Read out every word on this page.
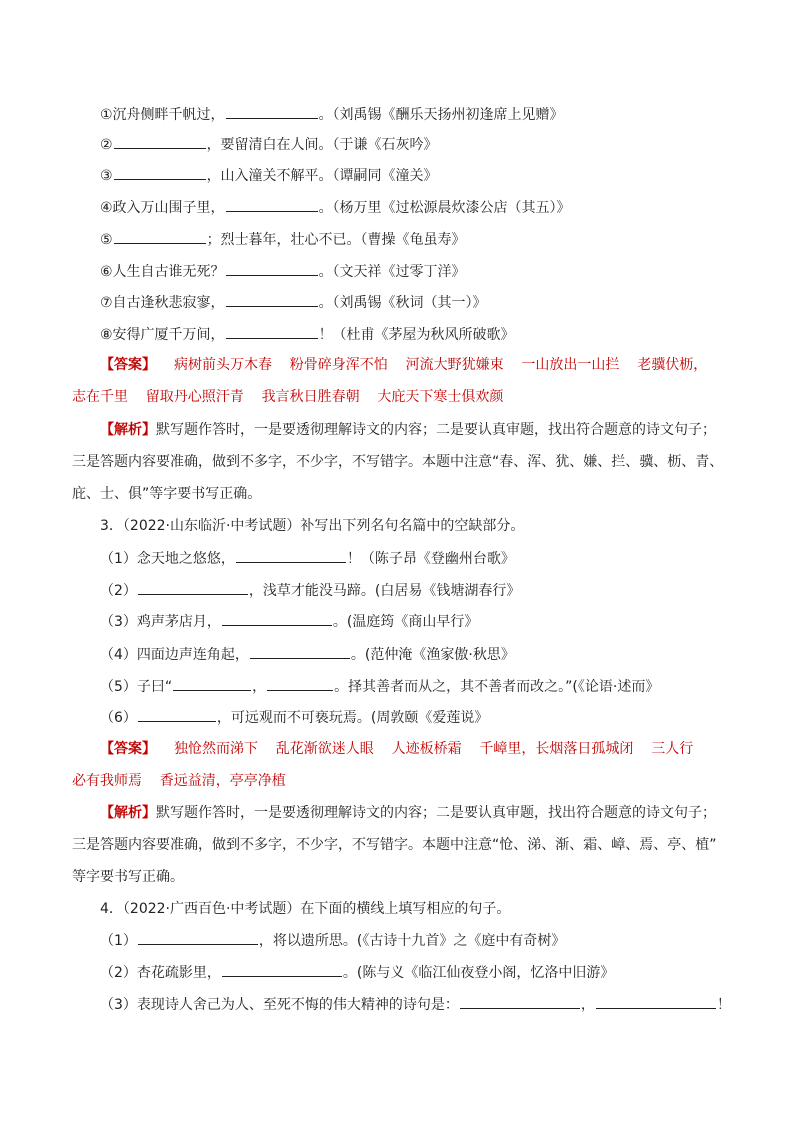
①沉舟侧畔千帆过，	。（刘禹锡《酬乐天扬州初逢席上见赠》
②	，要留清白在人间。（于谦《石灰吟》
③	，山入潼关不解平。（谭嗣同《潼关》
④政入万山围子里，	。（杨万里《过松源晨炊漆公店（其五）》
⑤	；烈士暮年，壮心不已。（曹操《龟虽寿》
⑥人生自古谁无死？	。（文天祥《过零丁洋》
⑦自古逢秋悲寂寥，	。（刘禹锡《秋词（其一）》
⑧安得广厦千万间，	！（杜甫《茅屋为秋风所破歌》
【答案】 病树前头万木春    粉骨碎身浑不怕    河流大野犹嫌束    一山放出一山拦    老骥伏枥，
志在千里    留取丹心照汗青    我言秋日胜春朝    大庇天下寒士俱欢颜
【解析】默写题作答时，一是要透彻理解诗文的内容；二是要认真审题，找出符合题意的诗文句子；
三是答题内容要准确，做到不多字，不少字，不写错字。本题中注意“春、浑、犹、嫌、拦、骥、枥、青、
庇、士、俱”等字要书写正确。
3．（2022·山东临沂·中考试题）补写出下列名句名篇中的空缺部分。
（1）念天地之悠悠，	！（陈子昂《登幽州台歌》
（2）	，浅草才能没马蹄。(白居易《钱塘湖春行》
（3）鸡声茅店月，	。(温庭筠《商山早行》
（4）四面边声连角起，	。(范仲淹《渔家傲·秋思》
（5）子曰“	，	。择其善者而从之，其不善者而改之。”(《论语·述而》
（6）	，可远观而不可亵玩焉。(周敦颐《爱莲说》
【答案】 独怆然而涕下    乱花渐欲迷人眼    人迹板桥霜    千嶂里，长烟落日孤城闭    三人行
必有我师焉    香远益清，亭亭净植
【解析】默写题作答时，一是要透彻理解诗文的内容；二是要认真审题，找出符合题意的诗文句子；
三是答题内容要准确，做到不多字，不少字，不写错字。本题中注意“怆、涕、渐、霜、嶂、焉、亭、植”
等字要书写正确。
4．（2022·广西百色·中考试题）在下面的横线上填写相应的句子。
（1）	，将以遗所思。(《古诗十九首》之《庭中有奇树》
（2）杏花疏影里，	。(陈与义《临江仙夜登小阁，忆洛中旧游》
（3）表现诗人舍己为人、至死不悔的伟大精神的诗句是：	，	！
